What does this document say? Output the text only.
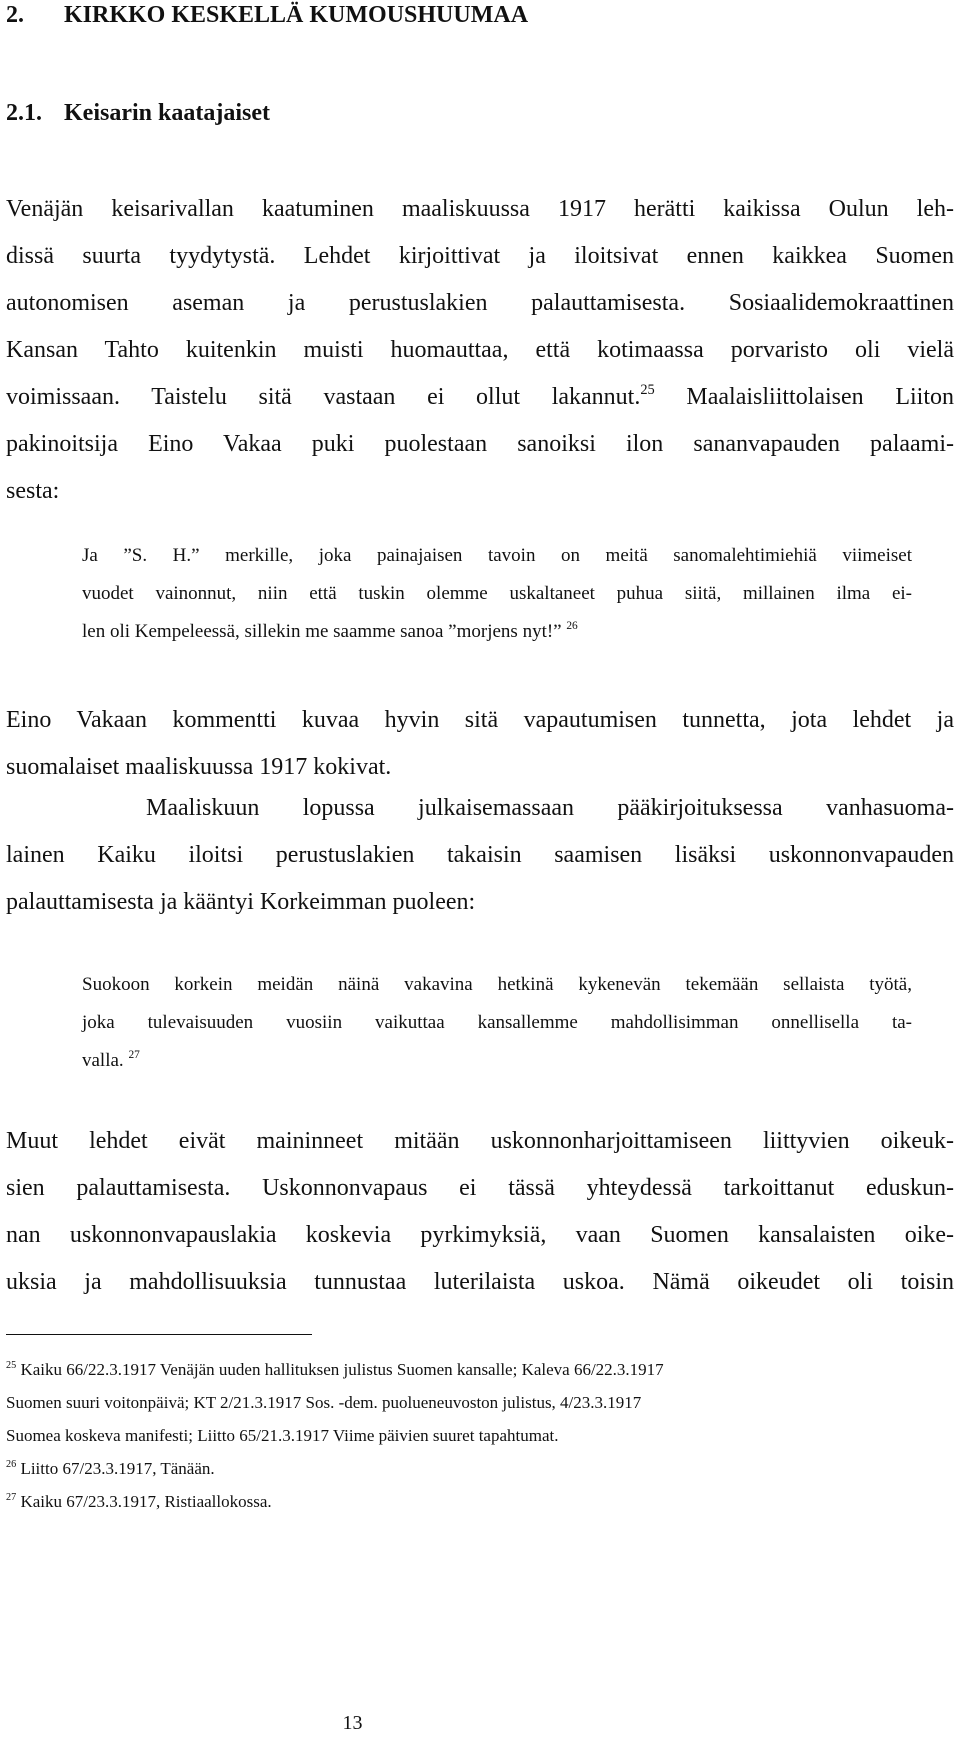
2. KIRKKO KESKELLÄ KUMOUSHUUMAA
2.1. Keisarin kaatajaiset
Venäjän keisarivallan kaatuminen maaliskuussa 1917 herätti kaikissa Oulun leh-
dissä suurta tyydytystä. Lehdet kirjoittivat ja iloitsivat ennen kaikkea Suomen
autonomisen aseman ja perustuslakien palauttamisesta. Sosiaalidemokraattinen
Kansan Tahto kuitenkin muisti huomauttaa, että kotimaassa porvaristo oli vielä
voimissaan. Taistelu sitä vastaan ei ollut lakannut.$^{25}$ Maalaisliittolaisen Liiton
pakinoitsija Eino Vakaa puki puolestaan sanoiksi ilon sananvapauden palaami-
sesta:
Ja ”S. H.” merkille, joka painajaisen tavoin on meitä sanomalehtimiehiä viimeiset
vuodet vainonnut, niin että tuskin olemme uskaltaneet puhua siitä, millainen ilma ei-
len oli Kempeleessä, sillekin me saamme sanoa ”morjens nyt!” $^{26}$
Eino Vakaan kommentti kuvaa hyvin sitä vapautumisen tunnetta, jota lehdet ja
suomalaiset maaliskuussa 1917 kokivat.
Maaliskuun lopussa julkaisemassaan pääkirjoituksessa vanhasuoma-
lainen Kaiku iloitsi perustuslakien takaisin saamisen lisäksi uskonnonvapauden
palauttamisesta ja kääntyi Korkeimman puoleen:
Suokoon korkein meidän näinä vakavina hetkinä kykenevän tekemään sellaista työtä,
joka tulevaisuuden vuosiin vaikuttaa kansallemme mahdollisimman onnellisella ta-
valla. $^{27}$
Muut lehdet eivät maininneet mitään uskonnonharjoittamiseen liittyvien oikeuk-
sien palauttamisesta. Uskonnonvapaus ei tässä yhteydessä tarkoittanut eduskun-
nan uskonnonvapauslakia koskevia pyrkimyksiä, vaan Suomen kansalaisten oike-
uksia ja mahdollisuuksia tunnustaa luterilaista uskoa. Nämä oikeudet oli toisin
$^{25}$ Kaiku 66/22.3.1917 Venäjän uuden hallituksen julistus Suomen kansalle; Kaleva 66/22.3.1917
Suomen suuri voitonpäivä; KT 2/21.3.1917 Sos. -dem. puolueneuvoston julistus, 4/23.3.1917
Suomea koskeva manifesti; Liitto 65/21.3.1917 Viime päivien suuret tapahtumat.
$^{26}$ Liitto 67/23.3.1917, Tänään.
$^{27}$ Kaiku 67/23.3.1917, Ristiaallokossa.
13
